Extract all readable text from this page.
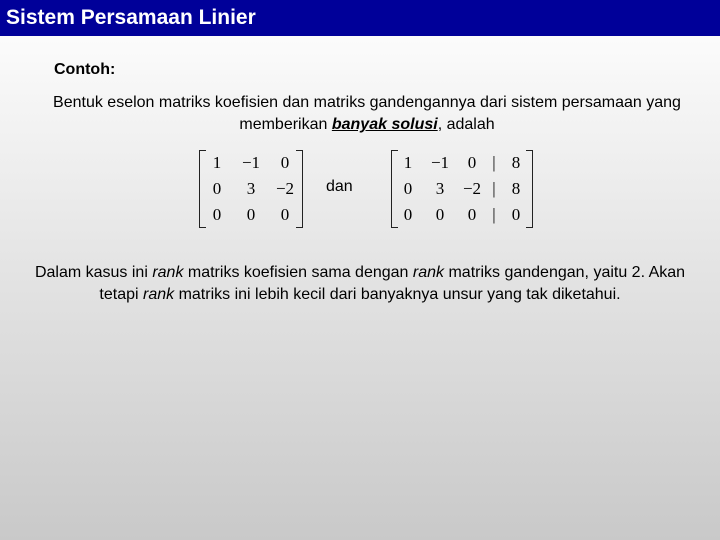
Sistem Persamaan Linier
Contoh:
Bentuk eselon matriks koefisien dan matriks gandengannya dari sistem persamaan yang memberikan banyak solusi, adalah
1	−1	0
0	3	−2
0	0	0
dan
1	−1	0	|	8
0	3	−2	|	8
0	0	0	|	0
Dalam kasus ini rank matriks koefisien sama dengan rank matriks gandengan, yaitu 2. Akan tetapi rank matriks ini lebih kecil dari banyaknya unsur yang tak diketahui.
